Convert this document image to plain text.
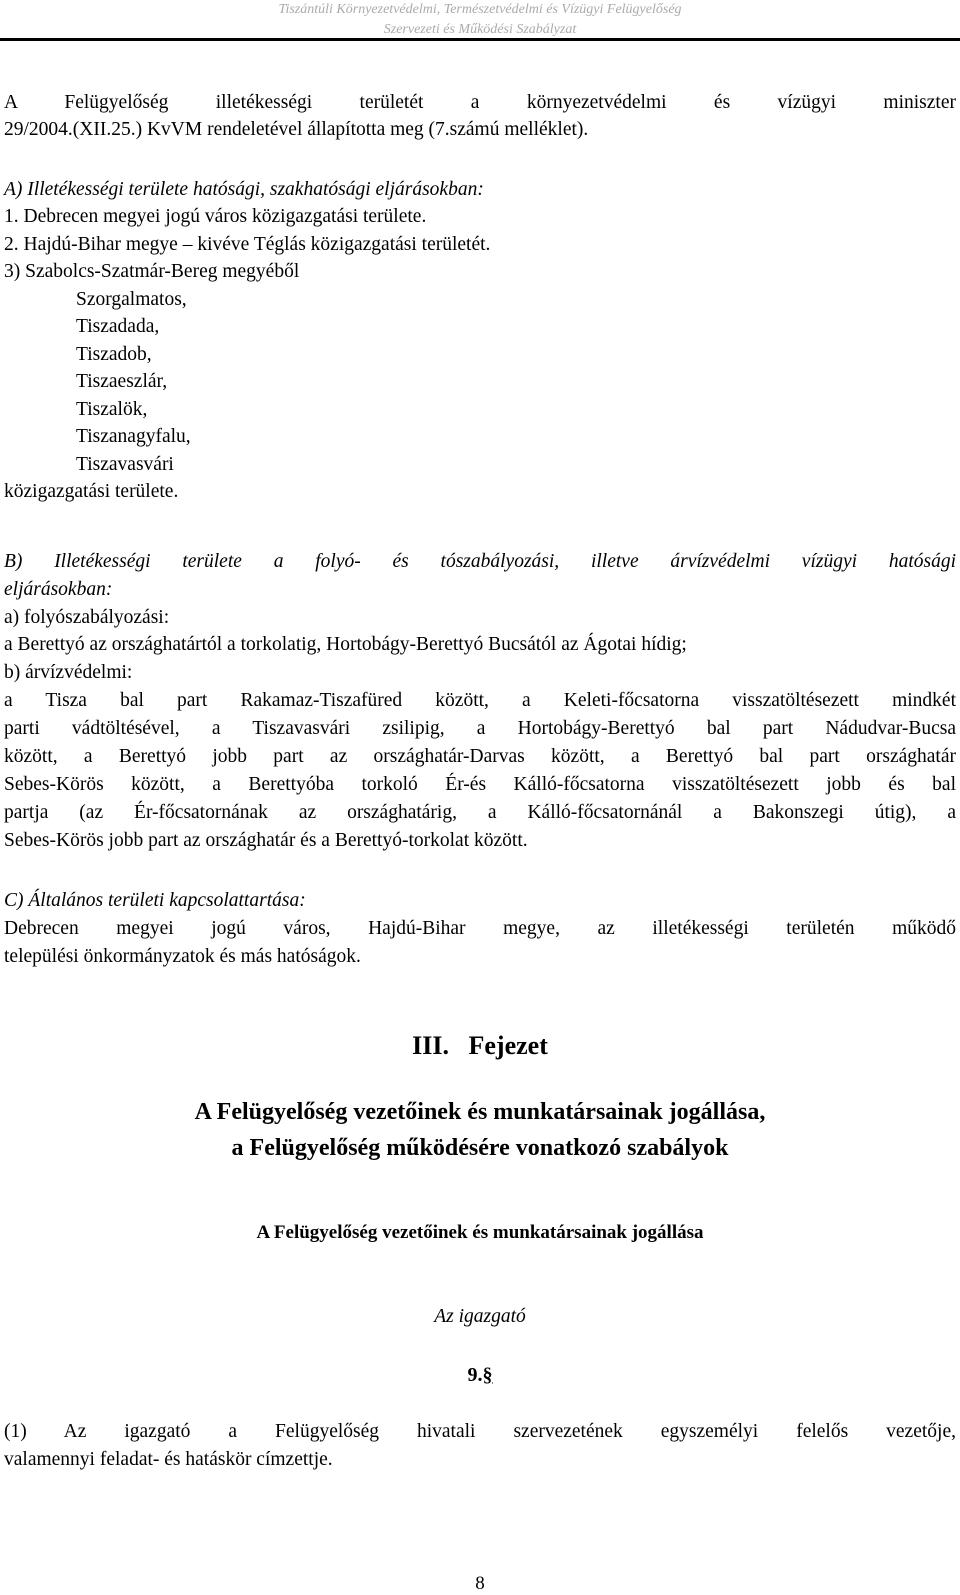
Tiszántúli Környezetvédelmi, Természetvédelmi és Vízügyi Felügyelőség
Szervezeti és Működési Szabályzat

A Felügyelőség illetékességi területét a környezetvédelmi és vízügyi miniszter

29/2004.(XII.25.) KvVM rendeletével állapította meg (7.számú melléklet).

A) Illetékességi területe hatósági, szakhatósági eljárásokban:

1. Debrecen megyei jogú város közigazgatási területe.

2. Hajdú-Bihar megye – kivéve Téglás közigazgatási területét.

3) Szabolcs-Szatmár-Bereg megyéből

Szorgalmatos,

Tiszadada,

Tiszadob,

Tiszaeszlár,

Tiszalök,

Tiszanagyfalu,

Tiszavasvári

közigazgatási területe.

B) Illetékességi területe a folyó- és tószabályozási, illetve árvízvédelmi vízügyi hatósági

eljárásokban:

a) folyószabályozási:

a Berettyó az országhatártól a torkolatig, Hortobágy-Berettyó Bucsától az Ágotai hídig;

b) árvízvédelmi:

a Tisza bal part Rakamaz-Tiszafüred között, a Keleti-főcsatorna visszatöltésezett mindkét

parti vádtöltésével, a Tiszavasvári zsilipig, a Hortobágy-Berettyó bal part Nádudvar-Bucsa

között, a Berettyó jobb part az országhatár-Darvas között, a Berettyó bal part országhatár

Sebes-Körös között, a Berettyóba torkoló Ér-és Kálló-főcsatorna visszatöltésezett jobb és bal

partja (az Ér-főcsatornának az országhatárig, a Kálló-főcsatornánál a Bakonszegi útig), a

Sebes-Körös jobb part az országhatár és a Berettyó-torkolat között.

C) Általános területi kapcsolattartása:

Debrecen megyei jogú város, Hajdú-Bihar megye, az illetékességi területén működő

települési önkormányzatok és más hatóságok.

III. Fejezet
A Felügyelőség vezetőinek és munkatársainak jogállása,
a Felügyelőség működésére vonatkozó szabályok

A Felügyelőség vezetőinek és munkatársainak jogállása

Az igazgató

9.§

(1) Az igazgató a Felügyelőség hivatali szervezetének egyszemélyi felelős vezetője,

valamennyi feladat- és hatáskör címzettje.

8
